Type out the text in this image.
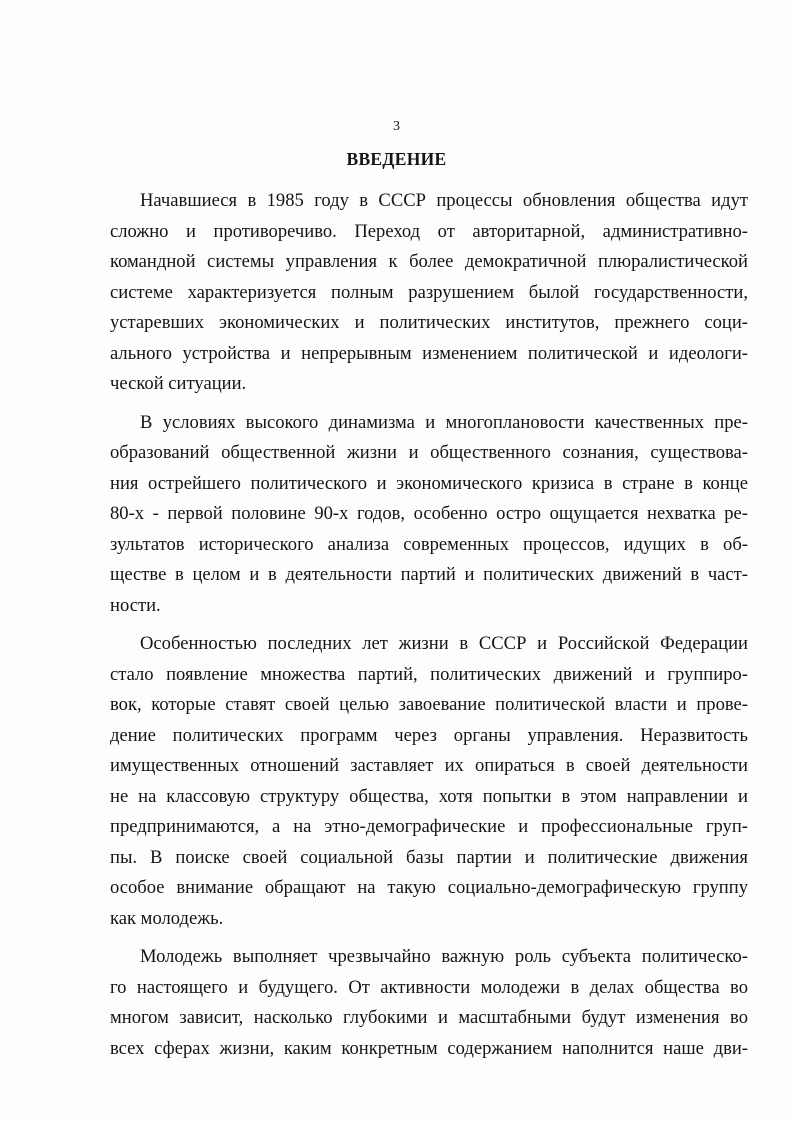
3
ВВЕДЕНИЕ
Начавшиеся в 1985 году в СССР процессы обновления общества идут
сложно и противоречиво. Переход от авторитарной, административно-
командной системы управления к более демократичной плюралистической
системе характеризуется полным разрушением былой государственности,
устаревших экономических и политических институтов, прежнего соци-
ального устройства и непрерывным изменением политической и идеологи-
ческой ситуации.
В условиях высокого динамизма и многоплановости качественных пре-
образований общественной жизни и общественного сознания, существова-
ния острейшего политического и экономического кризиса в стране в конце
80-х - первой половине 90-х годов, особенно остро ощущается нехватка ре-
зультатов исторического анализа современных процессов, идущих в об-
ществе в целом и в деятельности партий и политических движений в част-
ности.
Особенностью последних лет жизни в СССР и Российской Федерации
стало появление множества партий, политических движений и группиро-
вок, которые ставят своей целью завоевание политической власти и прове-
дение политических программ через органы управления. Неразвитость
имущественных отношений заставляет их опираться в своей деятельности
не на классовую структуру общества, хотя попытки в этом направлении и
предпринимаются, а на этно-демографические и профессиональные груп-
пы. В поиске своей социальной базы партии и политические движения
особое внимание обращают на такую социально-демографическую группу
как молодежь.
Молодежь выполняет чрезвычайно важную роль субъекта политическо-
го настоящего и будущего. От активности молодежи в делах общества во
многом зависит, насколько глубокими и масштабными будут изменения во
всех сферах жизни, каким конкретным содержанием наполнится наше дви-
